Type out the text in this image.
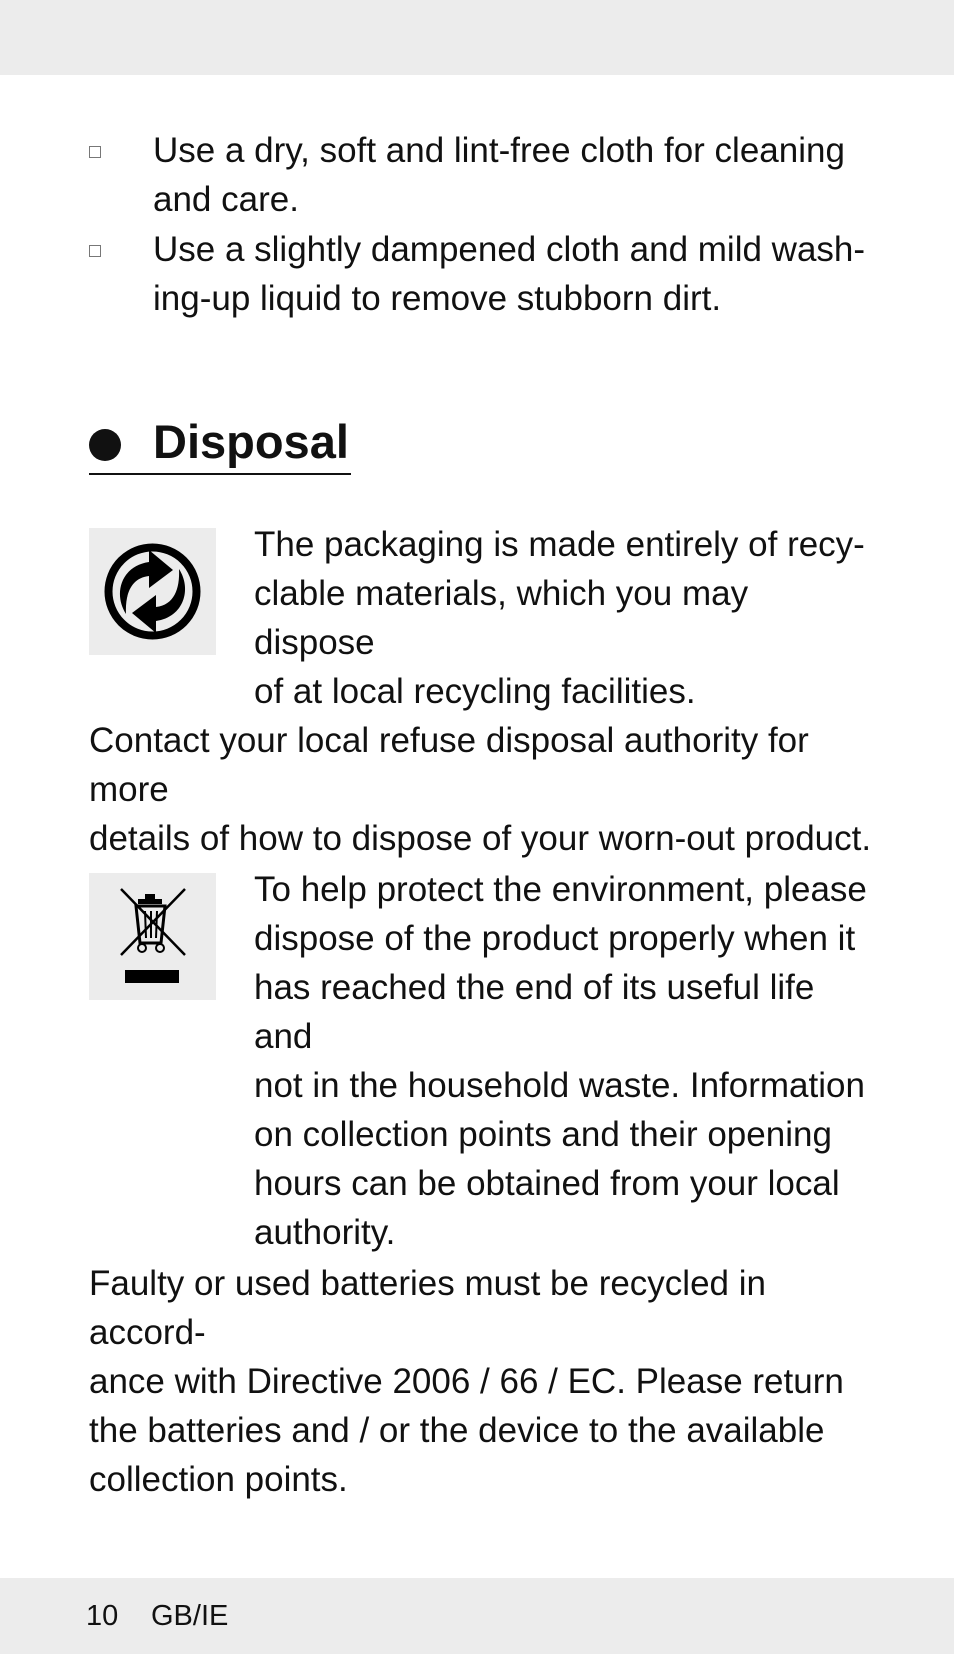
Use a dry, soft and lint-free cloth for cleaning

and care.

Use a slightly dampened cloth and mild wash-

ing-up liquid to remove stubborn dirt.

Disposal

The packaging is made entirely of recy-

clable materials, which you may dispose

of at local recycling facilities.

Contact your local refuse disposal authority for more

details of how to dispose of your worn-out product.

To help protect the environment, please

dispose of the product properly when it

has reached the end of its useful life and

not in the household waste. Information

on collection points and their opening

hours can be obtained from your local

authority.

Faulty or used batteries must be recycled in accord-

ance with Directive 2006 / 66 / EC. Please return

the batteries and / or the device to the available

collection points.

10 GB/IE
